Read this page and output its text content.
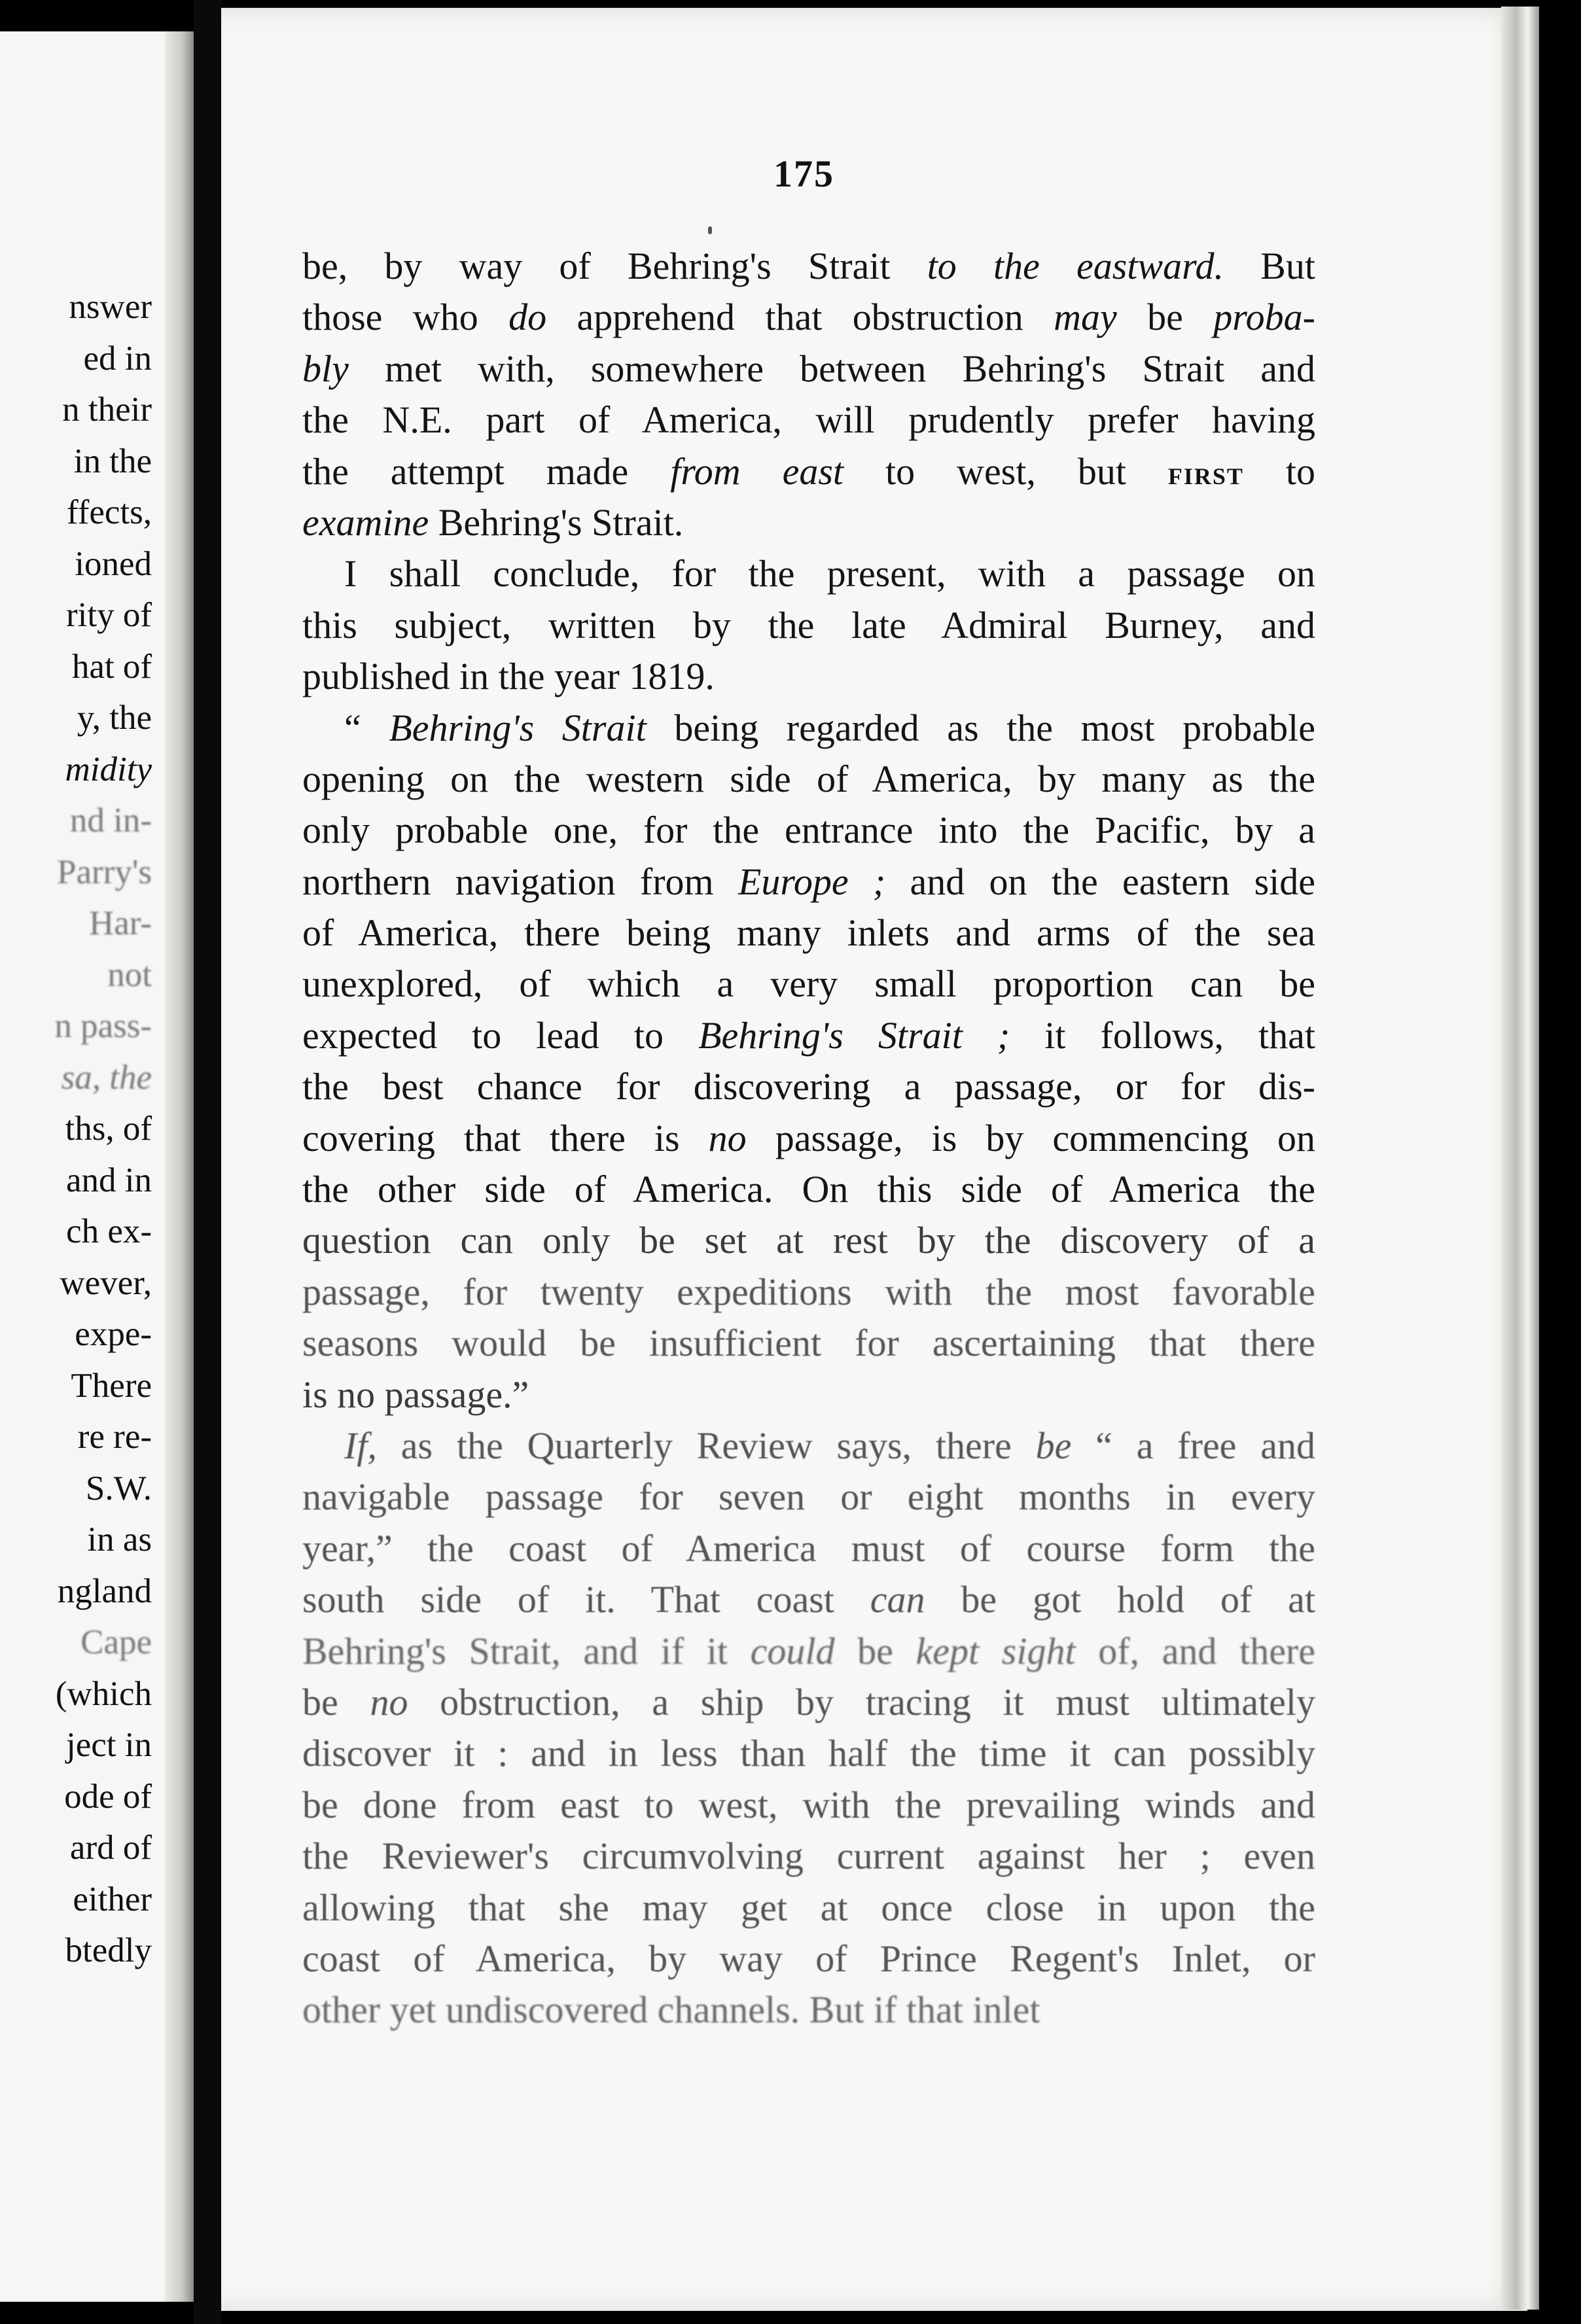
nswer
ed in
n their
in the
ffects,
ioned
rity of
hat of
y, the
midity
nd in-
Parry's
Har-
not
n pass-
sa, the
ths, of
and in
ch ex-
wever,
expe-
There
re re-
S.W.
in as
ngland
Cape
(which
ject in
ode of
ard of
either
btedly
175
be, by way of Behring's Strait to the eastward. But
those who do apprehend that obstruction may be proba-
bly met with, somewhere between Behring's Strait and
the N.E. part of America, will prudently prefer having
the attempt made from east to west, but first to
examine Behring's Strait.
I shall conclude, for the present, with a passage on
this subject, written by the late Admiral Burney, and
published in the year 1819.
“ Behring's Strait being regarded as the most probable
opening on the western side of America, by many as the
only probable one, for the entrance into the Pacific, by a
northern navigation from Europe ; and on the eastern side
of America, there being many inlets and arms of the sea
unexplored, of which a very small proportion can be
expected to lead to Behring's Strait ; it follows, that
the best chance for discovering a passage, or for dis-
covering that there is no passage, is by commencing on
the other side of America. On this side of America the
question can only be set at rest by the discovery of a
passage, for twenty expeditions with the most favorable
seasons would be insufficient for ascertaining that there
is no passage.”
If, as the Quarterly Review says, there be “ a free and
navigable passage for seven or eight months in every
year,” the coast of America must of course form the
south side of it. That coast can be got hold of at
Behring's Strait, and if it could be kept sight of, and there
be no obstruction, a ship by tracing it must ultimately
discover it : and in less than half the time it can possibly
be done from east to west, with the prevailing winds and
the Reviewer's circumvolving current against her ; even
allowing that she may get at once close in upon the
coast of America, by way of Prince Regent's Inlet, or
other yet undiscovered channels. But if that inlet
